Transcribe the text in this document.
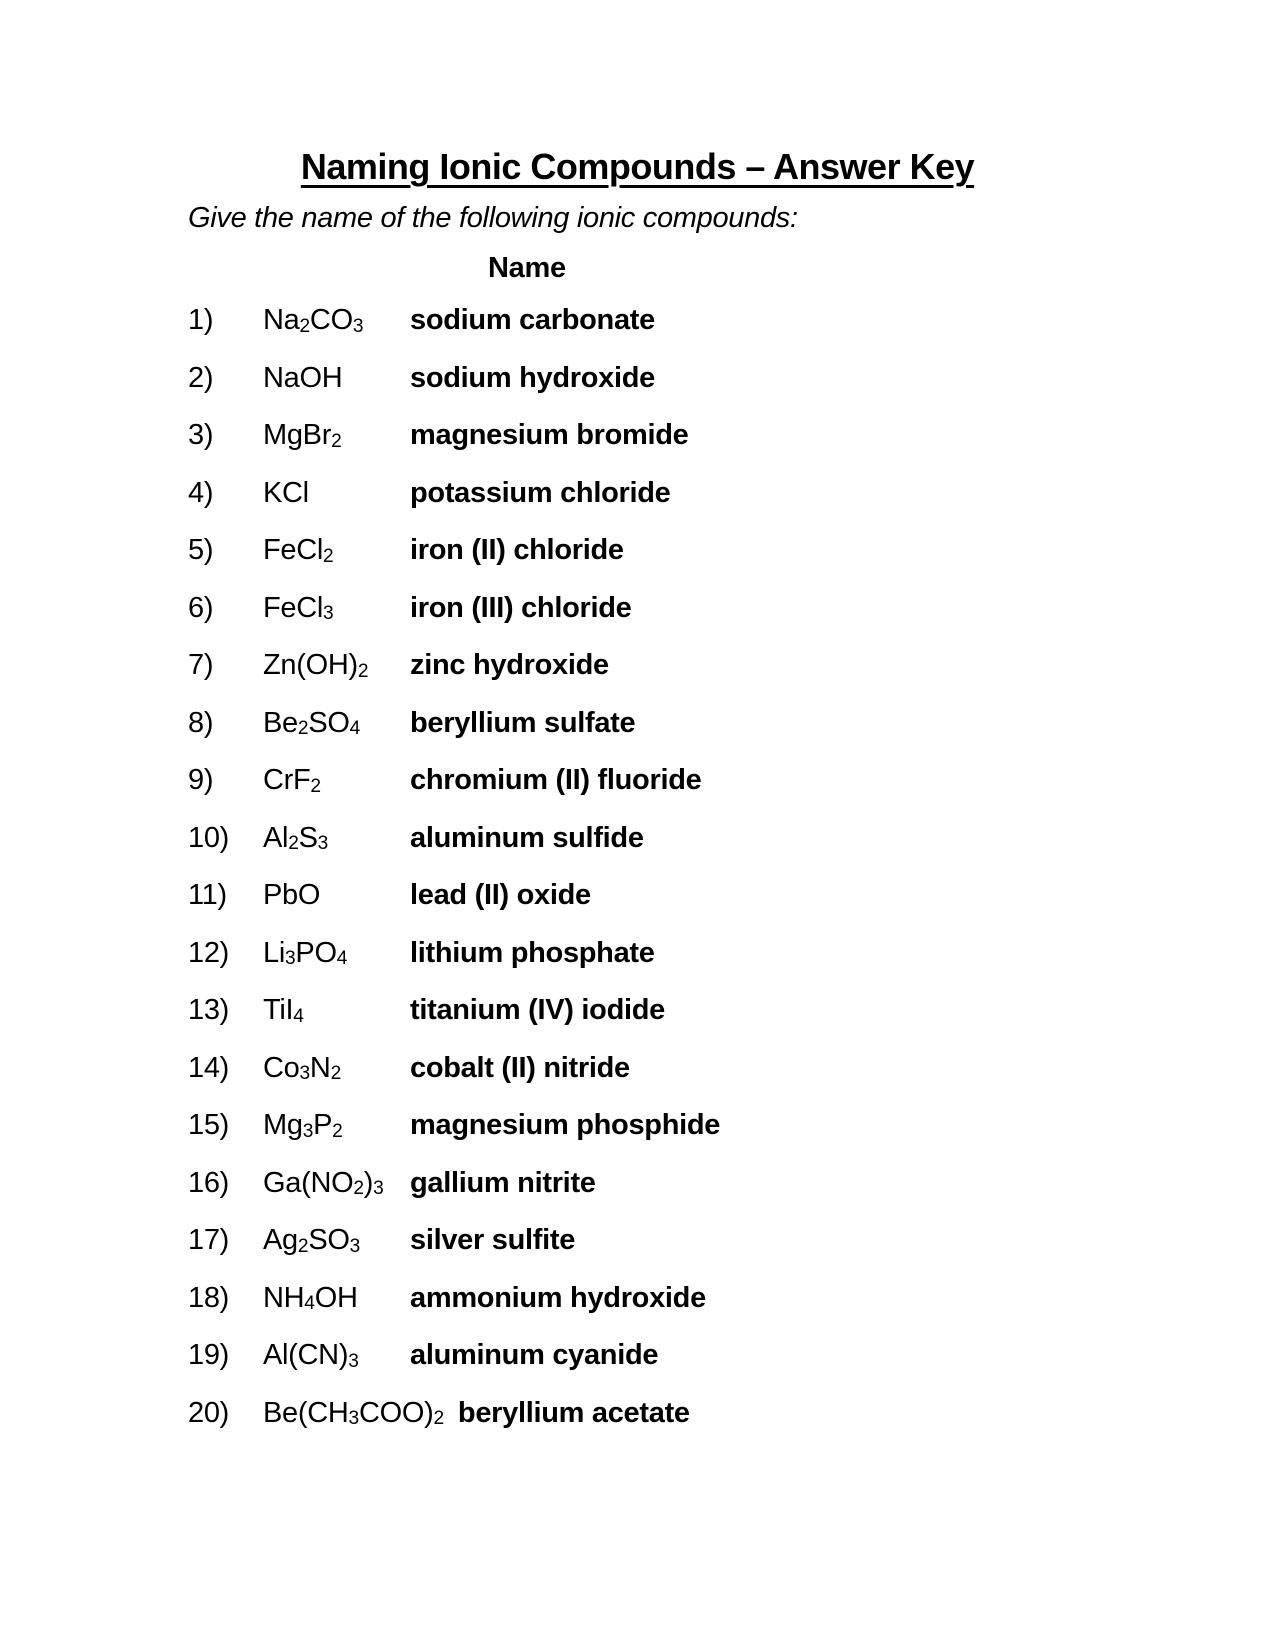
Naming Ionic Compounds – Answer Key
Give the name of the following ionic compounds:
Name
1)	Na2CO3	sodium carbonate
2)	NaOH	sodium hydroxide
3)	MgBr2	magnesium bromide
4)	KCl	potassium chloride
5)	FeCl2	iron (II) chloride
6)	FeCl3	iron (III) chloride
7)	Zn(OH)2	zinc hydroxide
8)	Be2SO4	beryllium sulfate
9)	CrF2	chromium (II) fluoride
10)	Al2S3	aluminum sulfide
11)	PbO	lead (II) oxide
12)	Li3PO4	lithium phosphate
13)	TiI4	titanium (IV) iodide
14)	Co3N2	cobalt (II) nitride
15)	Mg3P2	magnesium phosphide
16)	Ga(NO2)3 gallium nitrite
17)	Ag2SO3	silver sulfite
18)	NH4OH	ammonium hydroxide
19)	Al(CN)3	aluminum cyanide
20)	Be(CH3COO)2 beryllium acetate
